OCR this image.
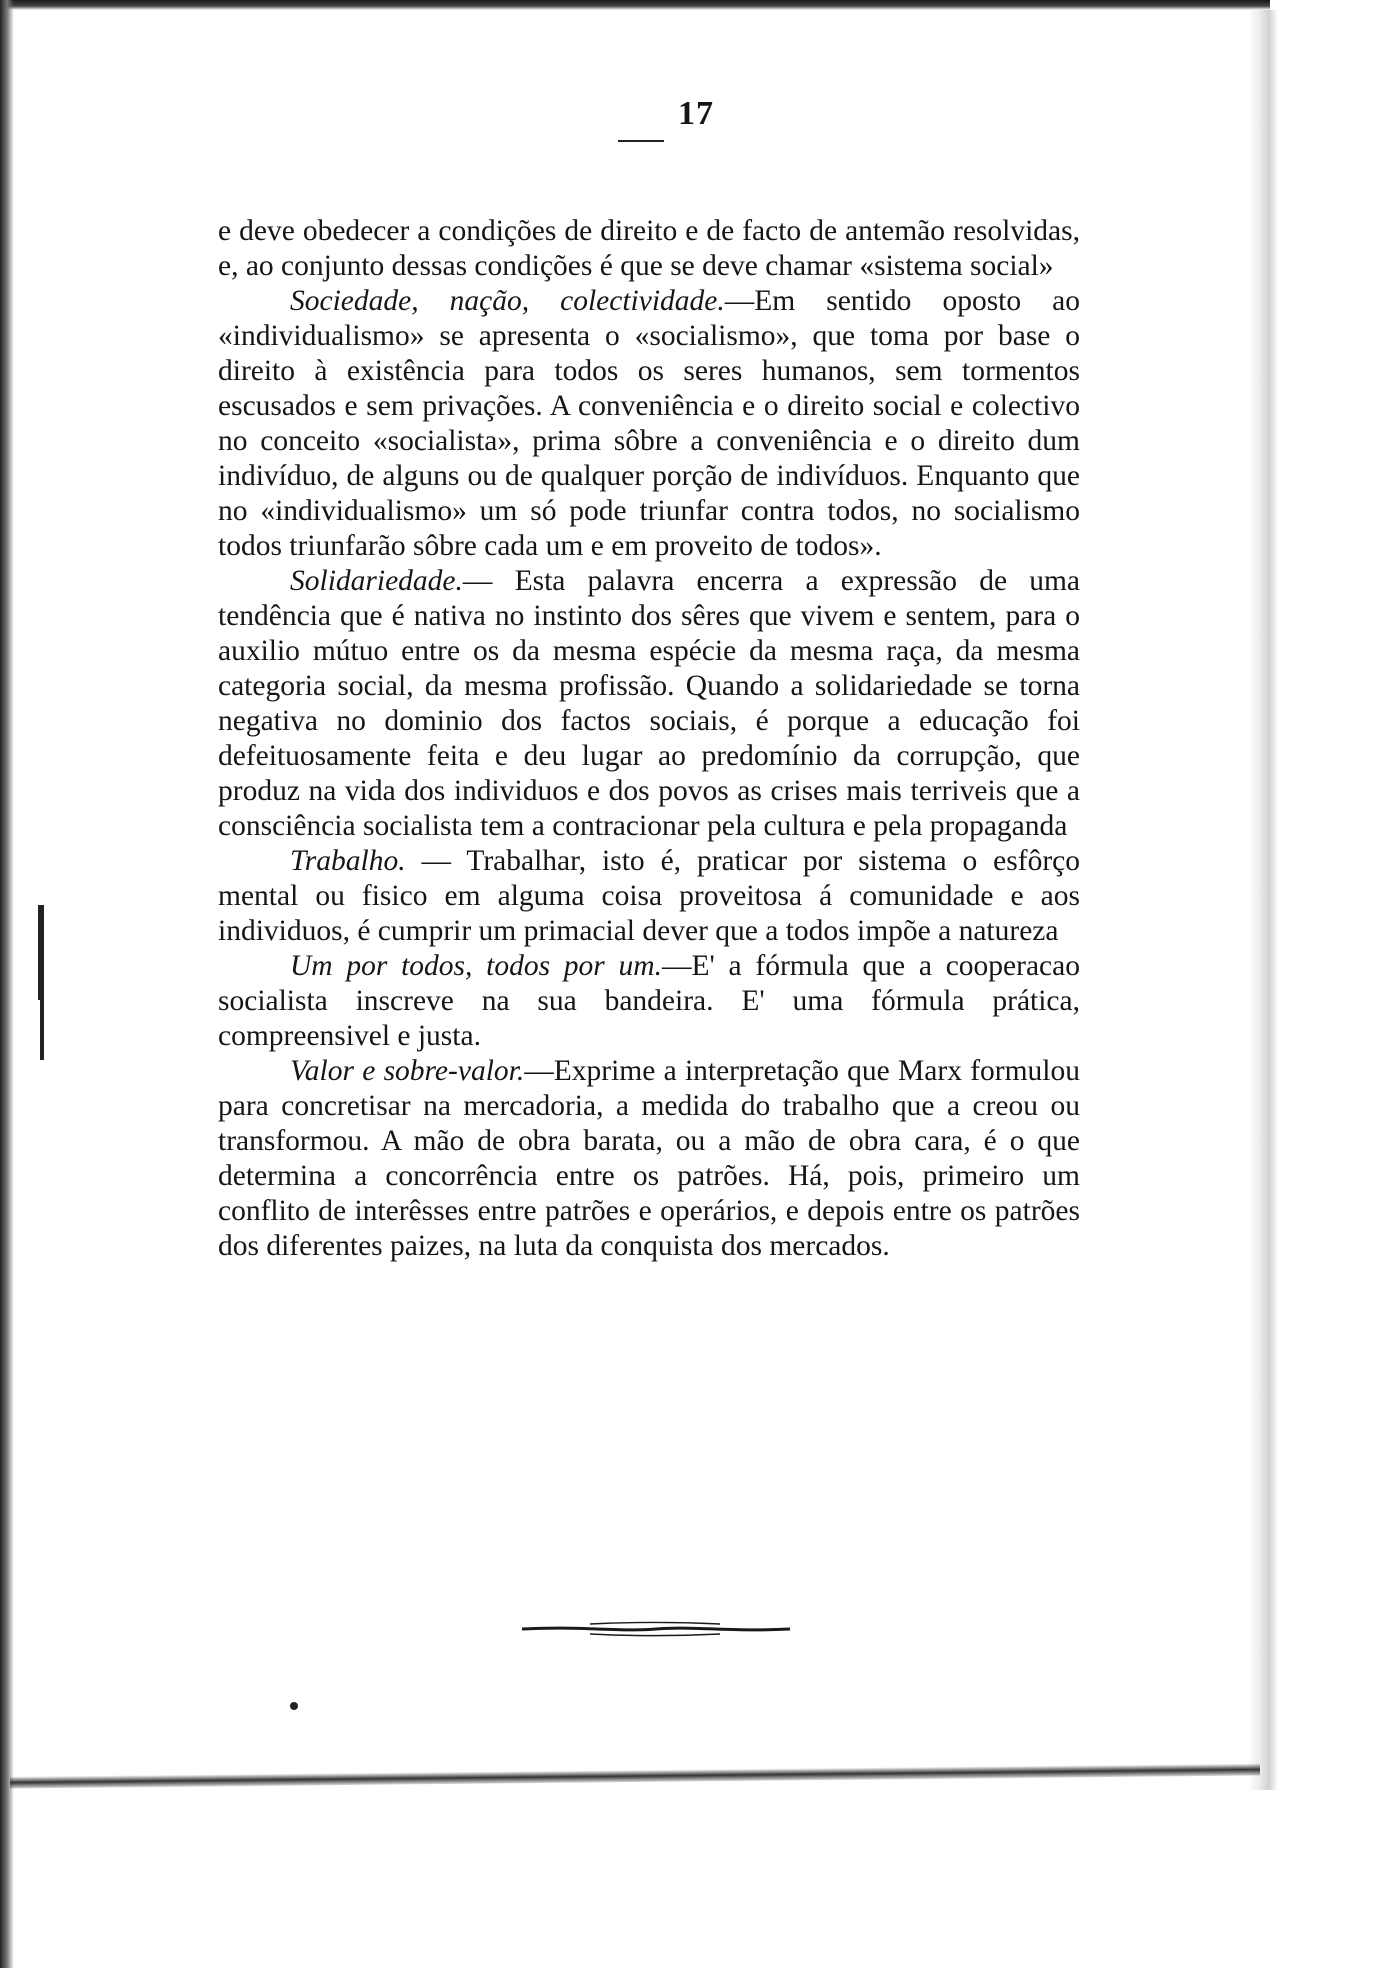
17

e deve obedecer a condições de direito e de facto de antemão resolvidas, e, ao conjunto dessas condições é que se deve chamar «sistema social»

Sociedade, nação, colectividade.—Em sentido oposto ao «individualismo» se apresenta o «socialismo», que toma por base o direito à existência para todos os seres humanos, sem tormentos escusados e sem privações. A conveniência e o direito social e colectivo no conceito «socialista», prima sôbre a conveniência e o direito dum indivíduo, de alguns ou de qualquer porção de indivíduos. Enquanto que no «individualismo» um só pode triunfar contra todos, no socialismo todos triunfarão sôbre cada um e em proveito de todos».

Solidariedade.— Esta palavra encerra a expressão de uma tendência que é nativa no instinto dos sêres que vivem e sentem, para o auxilio mútuo entre os da mesma espécie da mesma raça, da mesma categoria social, da mesma profissão. Quando a solidariedade se torna negativa no dominio dos factos sociais, é porque a educação foi defeituosamente feita e deu lugar ao predomínio da corrupção, que produz na vida dos individuos e dos povos as crises mais terriveis que a consciência socialista tem a contracionar pela cultura e pela propaganda

Trabalho. — Trabalhar, isto é, praticar por sistema o esfôrço mental ou fisico em alguma coisa proveitosa á comunidade e aos individuos, é cumprir um primacial dever que a todos impõe a natureza

Um por todos, todos por um.—E' a fórmula que a cooperacao socialista inscreve na sua bandeira. E' uma fórmula prática, compreensivel e justa.

Valor e sobre-valor.—Exprime a interpretação que Marx formulou para concretisar na mercadoria, a medida do trabalho que a creou ou transformou. A mão de obra barata, ou a mão de obra cara, é o que determina a concorrência entre os patrões. Há, pois, primeiro um conflito de interêsses entre patrões e operários, e depois entre os patrões dos diferentes paizes, na luta da conquista dos mercados.
